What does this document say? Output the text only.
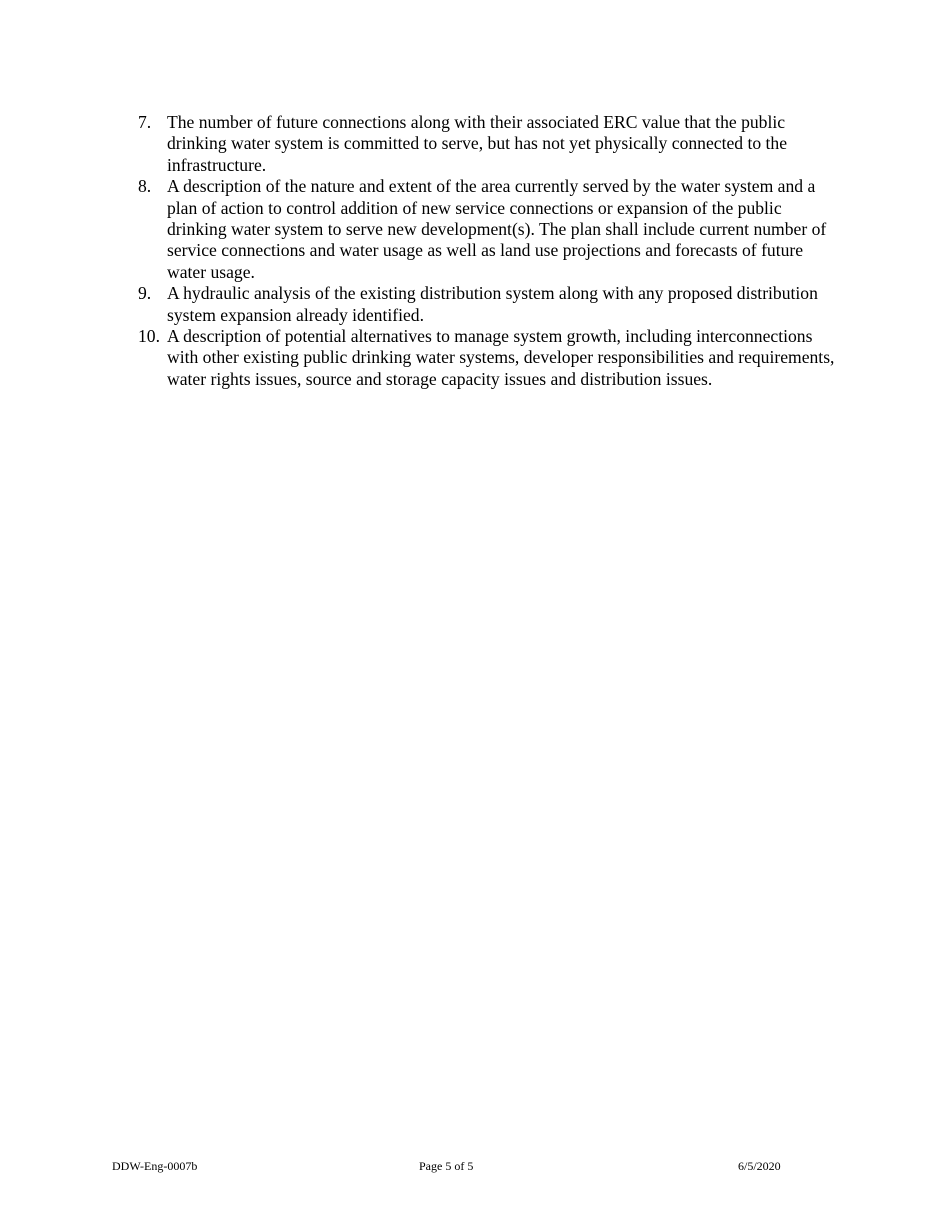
7. The number of future connections along with their associated ERC value that the public drinking water system is committed to serve, but has not yet physically connected to the infrastructure.
8. A description of the nature and extent of the area currently served by the water system and a plan of action to control addition of new service connections or expansion of the public drinking water system to serve new development(s). The plan shall include current number of service connections and water usage as well as land use projections and forecasts of future water usage.
9. A hydraulic analysis of the existing distribution system along with any proposed distribution system expansion already identified.
10. A description of potential alternatives to manage system growth, including interconnections with other existing public drinking water systems, developer responsibilities and requirements, water rights issues, source and storage capacity issues and distribution issues.
DDW-Eng-0007b	Page 5 of 5	6/5/2020
